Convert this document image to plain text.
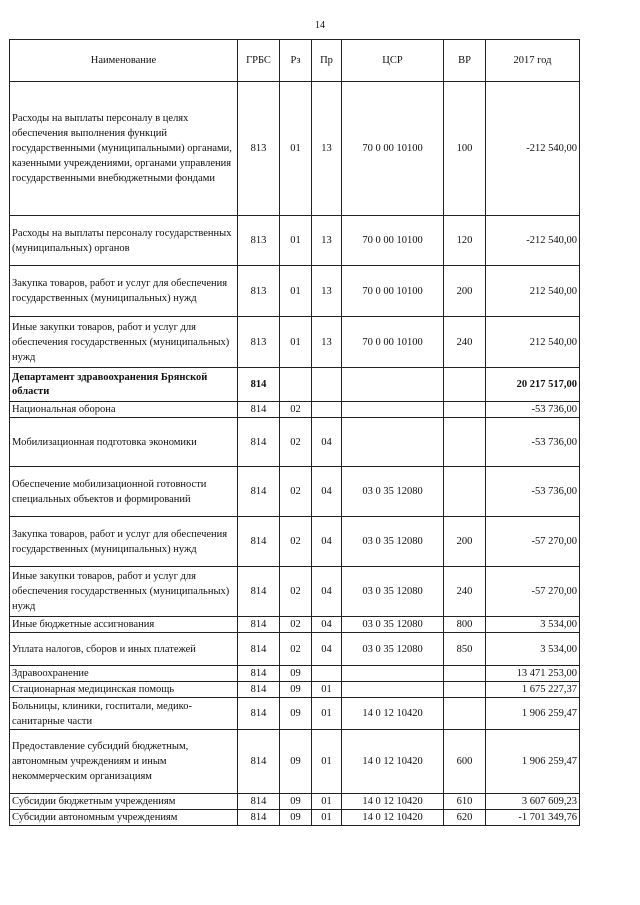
14
Наименование	ГРБС	Рз	Пр	ЦСР	ВР	2017 год
Расходы на выплаты персоналу в целях обеспечения выполнения функций государственными (муниципальными) органами, казенными учреждениями, органами управления государственными внебюджетными фондами	813	01	13	70 0 00 10100	100	-212 540,00
Расходы на выплаты персоналу государственных (муниципальных) органов	813	01	13	70 0 00 10100	120	-212 540,00
Закупка товаров, работ и услуг для обеспечения государственных (муниципальных) нужд	813	01	13	70 0 00 10100	200	212 540,00
Иные закупки товаров, работ и услуг для обеспечения государственных (муниципальных) нужд	813	01	13	70 0 00 10100	240	212 540,00
Департамент здравоохранения Брянской области	814					20 217 517,00
Национальная оборона	814	02				-53 736,00
Мобилизационная подготовка экономики	814	02	04			-53 736,00
Обеспечение мобилизационной готовности специальных объектов и формирований	814	02	04	03 0 35 12080		-53 736,00
Закупка товаров, работ и услуг для обеспечения государственных (муниципальных) нужд	814	02	04	03 0 35 12080	200	-57 270,00
Иные закупки товаров, работ и услуг для обеспечения государственных (муниципальных) нужд	814	02	04	03 0 35 12080	240	-57 270,00
Иные бюджетные ассигнования	814	02	04	03 0 35 12080	800	3 534,00
Уплата налогов, сборов и иных платежей	814	02	04	03 0 35 12080	850	3 534,00
Здравоохранение	814	09				13 471 253,00
Стационарная медицинская помощь	814	09	01			1 675 227,37
Больницы, клиники, госпитали, медико-санитарные части	814	09	01	14 0 12 10420		1 906 259,47
Предоставление субсидий бюджетным, автономным учреждениям и иным некоммерческим организациям	814	09	01	14 0 12 10420	600	1 906 259,47
Субсидии бюджетным учреждениям	814	09	01	14 0 12 10420	610	3 607 609,23
Субсидии автономным учреждениям	814	09	01	14 0 12 10420	620	-1 701 349,76
